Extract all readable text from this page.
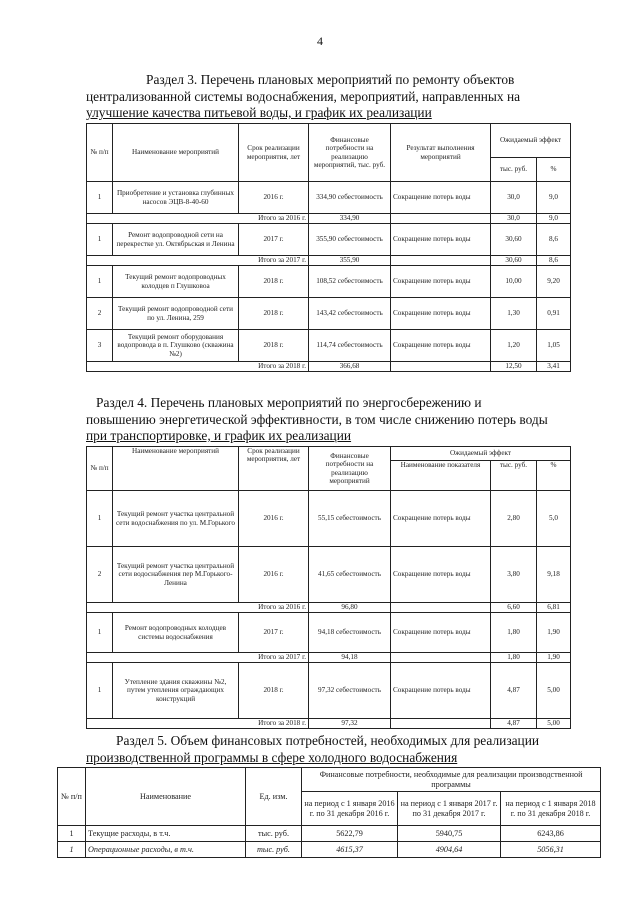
4
Раздел 3. Перечень плановых мероприятий по ремонту объектов
централизованной системы водоснабжения, мероприятий, направленных на
улучшение качества питьевой воды, и график их реализации
№ п/п	Наименование мероприятий	Срок реализации мероприятия, лет	Финансовые потребности на реализацию мероприятий, тыс. руб.	Результат выполнения мероприятий	Ожидаемый эффект	
					тыс. руб.	%
1	Приобретение и установка глубинных насосов ЭЦВ-8-40-60	2016 г.	334,90 себестоимость	Сокращение потерь воды	30,0	9,0
Итого за 2016 г.			334,90		30,0	9,0
1	Ремонт водопроводной сети на перекрестке ул. Октябрьская и Ленина	2017 г.	355,90 себестоимость	Сокращение потерь воды	30,60	8,6
Итого за 2017 г.			355,90		30,60	8,6
1	Текущий ремонт водопроводных колодцев п Глушковоа	2018 г.	108,52 себестоимость	Сокращение потерь воды	10,00	9,20
2	Текущий ремонт водопроводной сети по ул. Ленина, 259	2018 г.	143,42 себестоимость	Сокращение потерь воды	1,30	0,91
3	Текущий ремонт оборудования водопровода в п. Глушково (скважина №2)	2018 г.	114,74 себестоимость	Сокращение потерь воды	1,20	1,05
Итого за 2018 г.			366,68		12,50	3,41
Раздел 4. Перечень плановых мероприятий по энергосбережению и
повышению энергетической эффективности, в том числе снижению потерь воды
при транспортировке, и график их реализации
№ п/п	Наименование мероприятий	Срок реализации мероприятия, лет	Финансовые потребности на реализацию мероприятий	Ожидаемый эффект		
				Наименование показателя	тыс. руб.	%
1	Текущий ремонт участка центральной сети водоснабжения по ул. М.Горького	2016 г.	55,15 себестоимость	Сокращение потерь воды	2,80	5,0
2	Текущий ремонт участка центральной сети водоснабжения пер М.Горького- Ленина	2016 г.	41,65 себестоимость	Сокращение потерь воды	3,80	9,18
Итого за 2016 г.			96,80		6,60	6,81
1	Ремонт водопроводных колодцев системы водоснабжения	2017 г.	94,18 себестоимость	Сокращение потерь воды	1,80	1,90
Итого за 2017 г.			94,18		1,80	1,90
1	Утепление здания скважины №2, путем утепления ограждающих конструкций	2018 г.	97,32 себестоимость	Сокращение потерь воды	4,87	5,00
Итого за 2018 г.			97,32		4,87	5,00
Раздел 5. Объем финансовых потребностей, необходимых для реализации
производственной программы в сфере холодного водоснабжения
№ п/п	Наименование	Ед. изм.	Финансовые потребности, необходимые для реализации производственной программы		
			на период с 1 января 2016 г. по 31 декабря 2016 г.	на период с 1 января 2017 г. по 31 декабря 2017 г.	на период с 1 января 2018 г. по 31 декабря 2018 г.
1	Текущие расходы, в т.ч.	тыс. руб.	5622,79	5940,75	6243,86
1	Операционные расходы, в т.ч.	тыс. руб.	4615,37	4904,64	5056,31
